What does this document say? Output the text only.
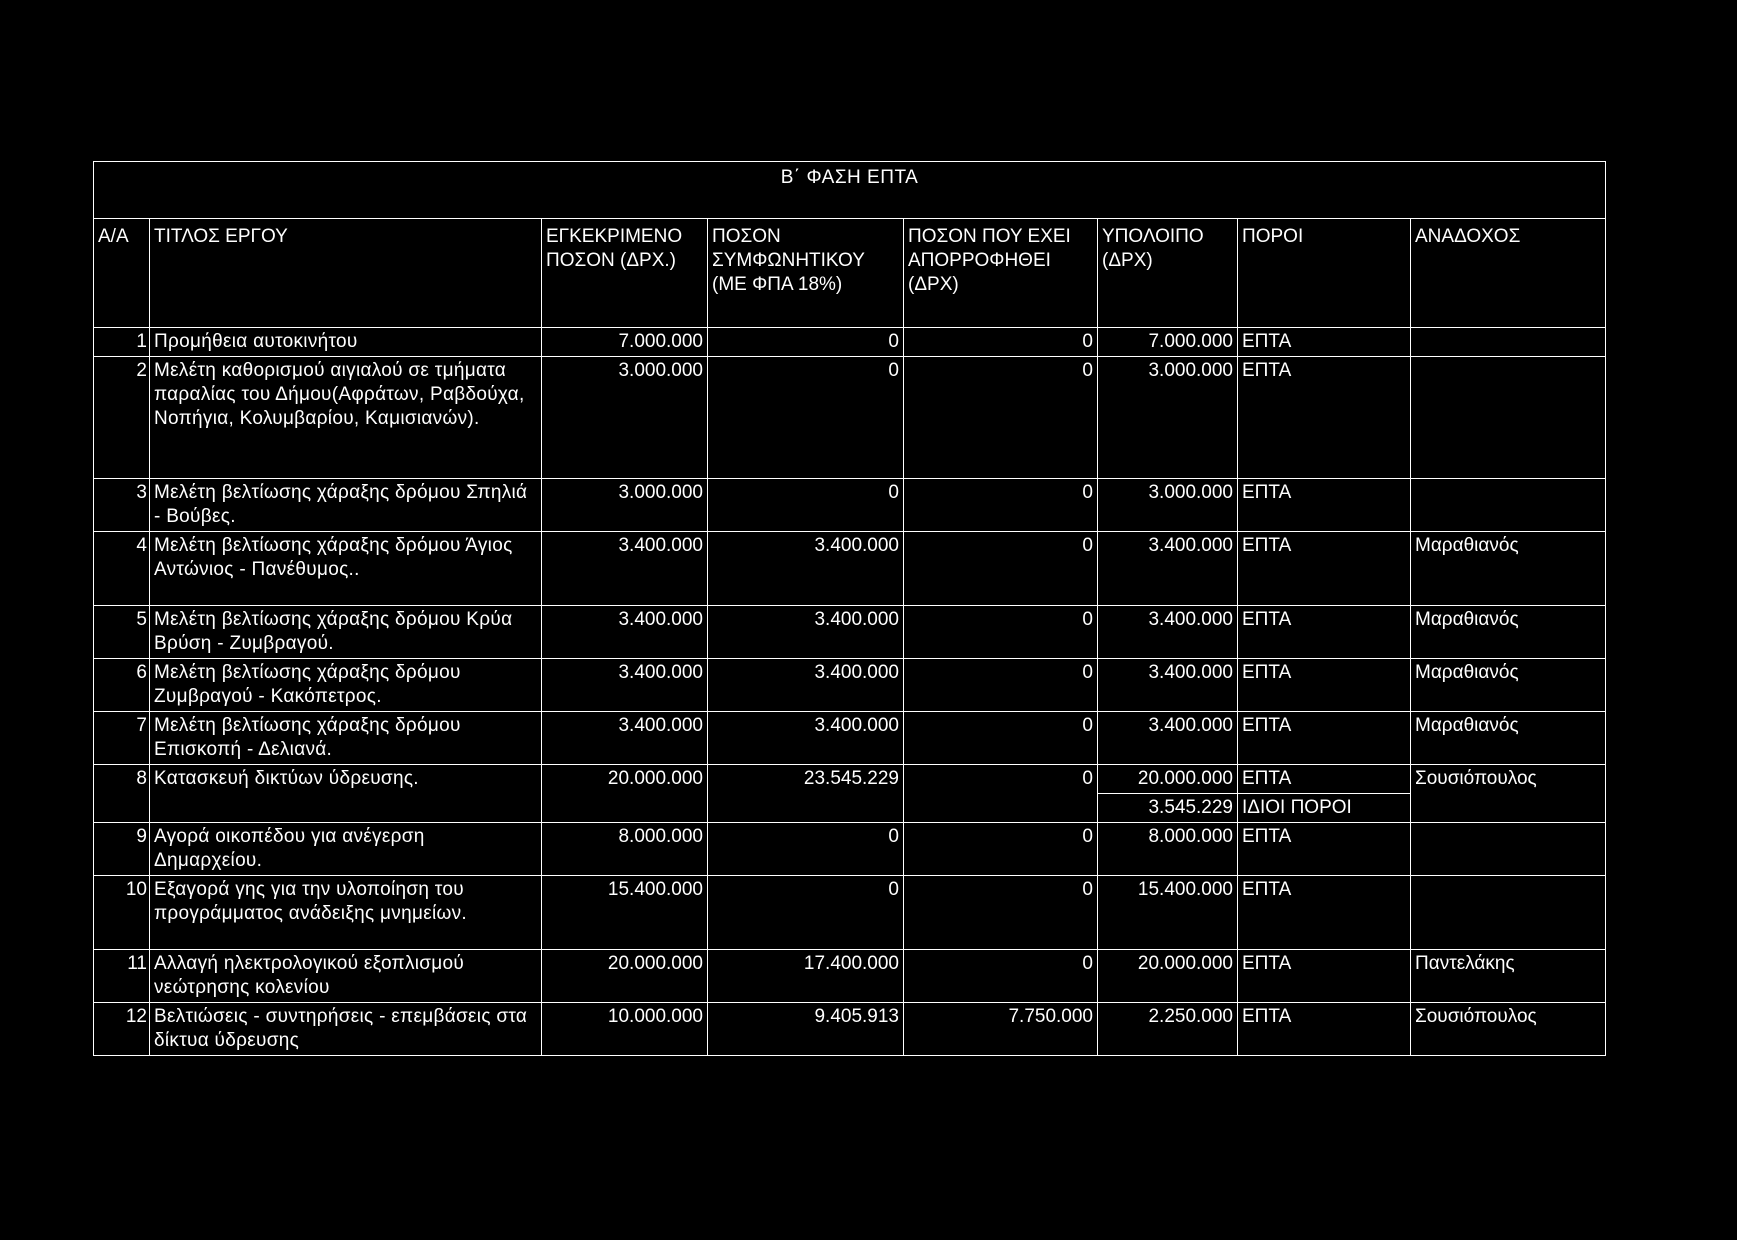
Β΄ ΦΑΣΗ ΕΠΤΑ							
Α/Α	ΤΙΤΛΟΣ ΕΡΓΟΥ	ΕΓΚΕΚΡΙΜΕΝΟ ΠΟΣΟΝ (ΔΡΧ.)	ΠΟΣΟΝ ΣΥΜΦΩΝΗΤΙΚΟΥ (ΜΕ ΦΠΑ 18%)	ΠΟΣΟΝ ΠΟΥ ΕΧΕΙ ΑΠΟΡΡΟΦΗΘΕΙ (ΔΡΧ)	ΥΠΟΛΟΙΠΟ (ΔΡΧ)	ΠΟΡΟΙ	ΑΝΑΔΟΧΟΣ
1	Προμήθεια αυτοκινήτου	7.000.000	0	0	7.000.000	ΕΠΤΑ	
2	Μελέτη καθορισμού αιγιαλού σε τμήματα παραλίας του Δήμου(Αφράτων, Ραβδούχα, Νοπήγια, Κολυμβαρίου, Καμισιανών).	3.000.000	0	0	3.000.000	ΕΠΤΑ	
3	Μελέτη βελτίωσης χάραξης δρόμου Σπηλιά - Βούβες.	3.000.000	0	0	3.000.000	ΕΠΤΑ	
4	Μελέτη βελτίωσης χάραξης δρόμου Άγιος Αντώνιος - Πανέθυμος..	3.400.000	3.400.000	0	3.400.000	ΕΠΤΑ	Μαραθιανός
5	Μελέτη βελτίωσης χάραξης δρόμου Κρύα Βρύση - Ζυμβραγού.	3.400.000	3.400.000	0	3.400.000	ΕΠΤΑ	Μαραθιανός
6	Μελέτη βελτίωσης χάραξης δρόμου Ζυμβραγού - Κακόπετρος.	3.400.000	3.400.000	0	3.400.000	ΕΠΤΑ	Μαραθιανός
7	Μελέτη βελτίωσης χάραξης δρόμου Επισκοπή - Δελιανά.	3.400.000	3.400.000	0	3.400.000	ΕΠΤΑ	Μαραθιανός
8	Κατασκευή δικτύων ύδρευσης.	20.000.000	23.545.229	0	20.000.000	ΕΠΤΑ	Σουσιόπουλος
					3.545.229	ΙΔΙΟΙ ΠΟΡΟΙ	
9	Αγορά οικοπέδου για ανέγερση Δημαρχείου.	8.000.000	0	0	8.000.000	ΕΠΤΑ	
10	Εξαγορά γης για την υλοποίηση του προγράμματος ανάδειξης μνημείων.	15.400.000	0	0	15.400.000	ΕΠΤΑ	
11	Αλλαγή ηλεκτρολογικού εξοπλισμού νεώτρησης κολενίου	20.000.000	17.400.000	0	20.000.000	ΕΠΤΑ	Παντελάκης
12	Βελτιώσεις - συντηρήσεις - επεμβάσεις στα δίκτυα ύδρευσης	10.000.000	9.405.913	7.750.000	2.250.000	ΕΠΤΑ	Σουσιόπουλος
